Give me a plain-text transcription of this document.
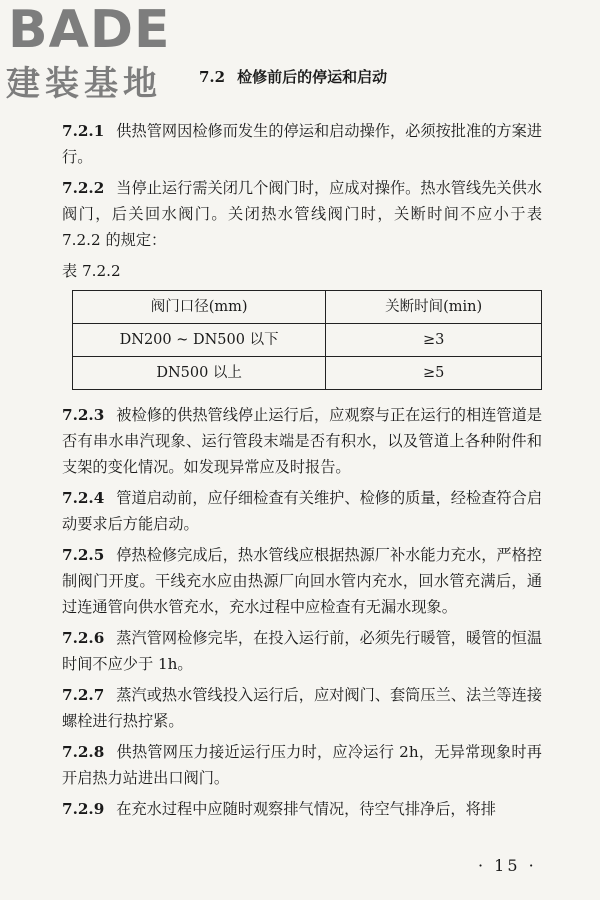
BADE
建装基地 7.2 检修前后的停运和启动

7.2.1 供热管网因检修而发生的停运和启动操作，必须按批准的方案进行。

7.2.2 当停止运行需关闭几个阀门时，应成对操作。热水管线先关供水阀门，后关回水阀门。关闭热水管线阀门时，关断时间不应小于表 7.2.2 的规定：

表 7.2.2

阀门口径(mm)	关断时间(min)
DN200 ~ DN500 以下	≥3
DN500 以上	≥5

7.2.3 被检修的供热管线停止运行后，应观察与正在运行的相连管道是否有串水串汽现象、运行管段末端是否有积水，以及管道上各种附件和支架的变化情况。如发现异常应及时报告。

7.2.4 管道启动前，应仔细检查有关维护、检修的质量，经检查符合启动要求后方能启动。

7.2.5 停热检修完成后，热水管线应根据热源厂补水能力充水，严格控制阀门开度。干线充水应由热源厂向回水管内充水，回水管充满后，通过连通管向供水管充水，充水过程中应检查有无漏水现象。

7.2.6 蒸汽管网检修完毕，在投入运行前，必须先行暖管，暖管的恒温时间不应少于 1h。

7.2.7 蒸汽或热水管线投入运行后，应对阀门、套筒压兰、法兰等连接螺栓进行热拧紧。

7.2.8 供热管网压力接近运行压力时，应冷运行 2h，无异常现象时再开启热力站进出口阀门。

7.2.9 在充水过程中应随时观察排气情况，待空气排净后，将排

· 15 ·
